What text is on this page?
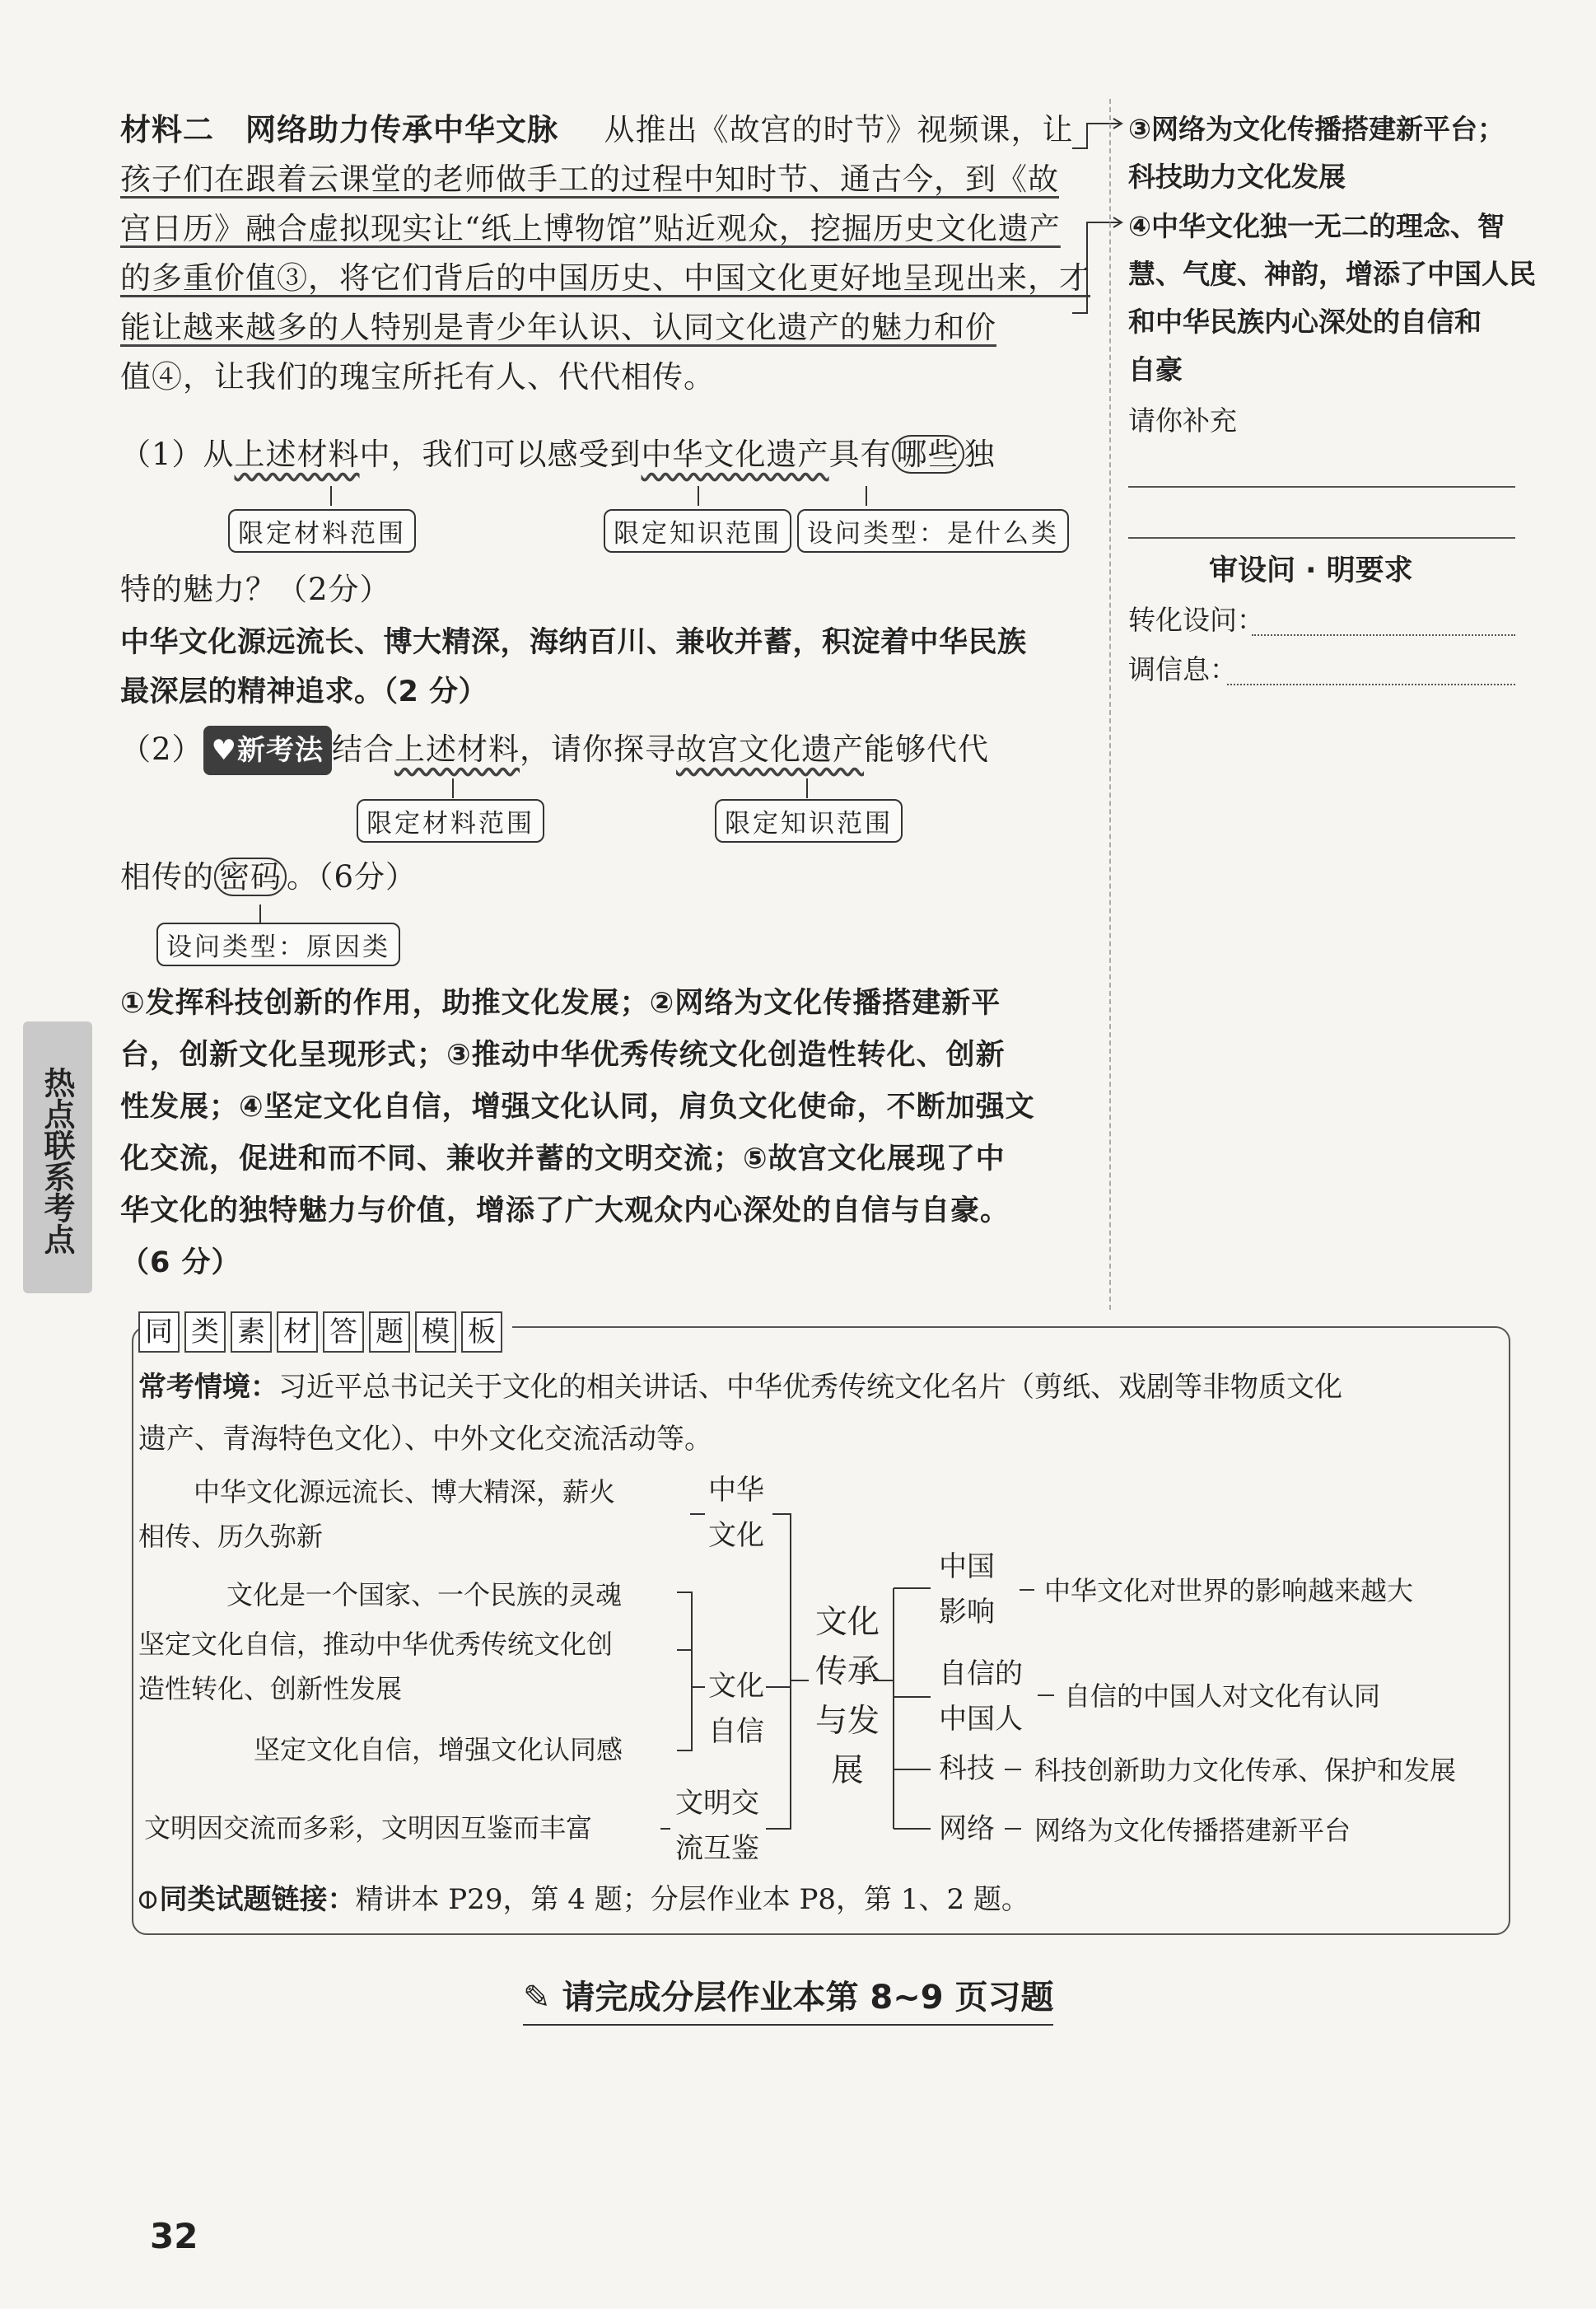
材料二　网络助力传承中华文脉 从推出《故宫的时节》视频课，让
孩子们在跟着云课堂的老师做手工的过程中知时节、通古今，到《故
宫日历》融合虚拟现实让“纸上博物馆”贴近观众，挖掘历史文化遗产
的多重价值③，将它们背后的中国历史、中国文化更好地呈现出来，才
能让越来越多的人特别是青少年认识、认同文化遗产的魅力和价
值④，让我们的瑰宝所托有人、代代相传。
（1）从上述材料中，我们可以感受到中华文化遗产具有 哪些 独
限定材料范围	限定知识范围	设问类型：是什么类
特的魅力？（2分）
中华文化源远流长、博大精深，海纳百川、兼收并蓄，积淀着中华民族
最深层的精神追求。（2 分）
（2） ♥新考法 结合上述材料，请你探寻故宫文化遗产能够代代
限定材料范围	限定知识范围
相传的 密码 。（6分）
设问类型：原因类
①发挥科技创新的作用，助推文化发展；②网络为文化传播搭建新平
台，创新文化呈现形式；③推动中华优秀传统文化创造性转化、创新
性发展；④坚定文化自信，增强文化认同，肩负文化使命，不断加强文
化交流，促进和而不同、兼收并蓄的文明交流；⑤故宫文化展现了中
华文化的独特魅力与价值，增添了广大观众内心深处的自信与自豪。
（6 分）
③网络为文化传播搭建新平台；
科技助力文化发展
④中华文化独一无二的理念、智
慧、气度、神韵，增添了中国人民
和中华民族内心深处的自信和
自豪
请你补充
审设问 · 明要求
转化设问：
调信息：
热点联系考点
同 类 素 材 答 题 模 板
常考情境：习近平总书记关于文化的相关讲话、中华优秀传统文化名片（剪纸、戏剧等非物质文化
遗产、青海特色文化）、中外文化交流活动等。
中华文化源远流长、博大精深，薪火
相传、历久弥新
文化是一个国家、一个民族的灵魂
坚定文化自信，推动中华优秀传统文化创
造性转化、创新性发展
坚定文化自信，增强文化认同感
文明因交流而多彩，文明因互鉴而丰富
中华
文化
文化
自信
文明交
流互鉴
文化
传承
与发
展
中国
影响
中华文化对世界的影响越来越大
自信的
中国人
自信的中国人对文化有认同
科技 科技创新助力文化传承、保护和发展
网络 网络为文化传播搭建新平台
⊘同类试题链接：精讲本 P29，第 4 题；分层作业本 P8，第 1、2 题。
✎ 请完成分层作业本第 8~9 页习题
32
